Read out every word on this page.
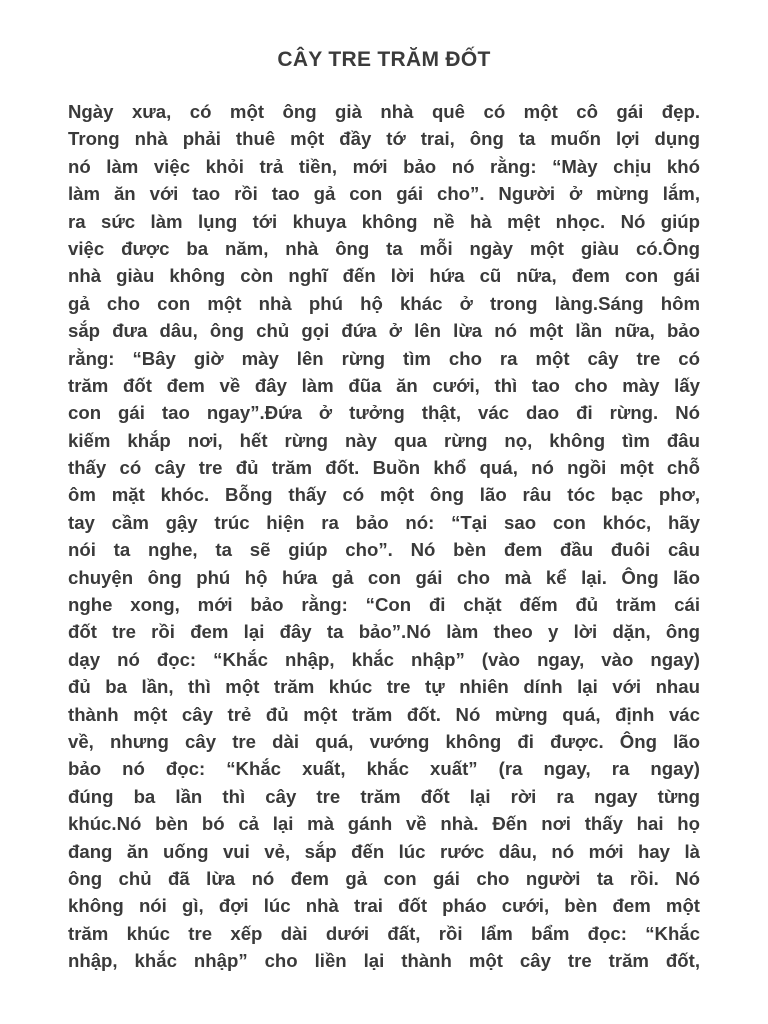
CÂY TRE TRĂM ĐỐT
Ngày xưa, có một ông già nhà quê có một cô gái đẹp.
Trong nhà phải thuê một đầy tớ trai, ông ta muốn lợi dụng
nó làm việc khỏi trả tiền, mới bảo nó rằng: “Mày chịu khó
làm ăn với tao rồi tao gả con gái cho”. Người ở mừng lắm,
ra sức làm lụng tới khuya không nề hà mệt nhọc. Nó giúp
việc được ba năm, nhà ông ta mỗi ngày một giàu có.Ông
nhà giàu không còn nghĩ đến lời hứa cũ nữa, đem con gái
gả cho con một nhà phú hộ khác ở trong làng.Sáng hôm
sắp đưa dâu, ông chủ gọi đứa ở lên lừa nó một lần nữa, bảo
rằng: “Bây giờ mày lên rừng tìm cho ra một cây tre có
trăm đốt đem về đây làm đũa ăn cưới, thì tao cho mày lấy
con gái tao ngay”.Đứa ở tưởng thật, vác dao đi rừng. Nó
kiếm khắp nơi, hết rừng này qua rừng nọ, không tìm đâu
thấy có cây tre đủ trăm đốt. Buồn khổ quá, nó ngồi một chỗ
ôm mặt khóc. Bỗng thấy có một ông lão râu tóc bạc phơ,
tay cầm gậy trúc hiện ra bảo nó: “Tại sao con khóc, hãy
nói ta nghe, ta sẽ giúp cho”. Nó bèn đem đầu đuôi câu
chuyện ông phú hộ hứa gả con gái cho mà kể lại. Ông lão
nghe xong, mới bảo rằng: “Con đi chặt đếm đủ trăm cái
đốt tre rồi đem lại đây ta bảo”.Nó làm theo y lời dặn, ông
dạy nó đọc: “Khắc nhập, khắc nhập” (vào ngay, vào ngay)
đủ ba lần, thì một trăm khúc tre tự nhiên dính lại với nhau
thành một cây trẻ đủ một trăm đốt. Nó mừng quá, định vác
về, nhưng cây tre dài quá, vướng không đi được. Ông lão
bảo nó đọc: “Khắc xuất, khắc xuất” (ra ngay, ra ngay)
đúng ba lần thì cây tre trăm đốt lại rời ra ngay từng
khúc.Nó bèn bó cả lại mà gánh về nhà. Đến nơi thấy hai họ
đang ăn uống vui vẻ, sắp đến lúc rước dâu, nó mới hay là
ông chủ đã lừa nó đem gả con gái cho người ta rồi. Nó
không nói gì, đợi lúc nhà trai đốt pháo cưới, bèn đem một
trăm khúc tre xếp dài dưới đất, rồi lẩm bẩm đọc: “Khắc
nhập, khắc nhập” cho liền lại thành một cây tre trăm đốt,
